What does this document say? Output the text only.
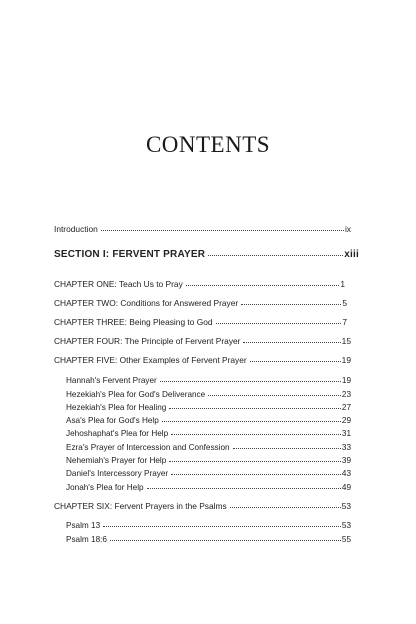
CONTENTS
Introduction	ix
SECTION I: FERVENT PRAYER	xiii
CHAPTER ONE: Teach Us to Pray	1
CHAPTER TWO: Conditions for Answered Prayer	5
CHAPTER THREE: Being Pleasing to God	7
CHAPTER FOUR: The Principle of Fervent Prayer	15
CHAPTER FIVE: Other Examples of Fervent Prayer	19
Hannah's Fervent Prayer	19
Hezekiah's Plea for God's Deliverance	23
Hezekiah's Plea for Healing	27
Asa's Plea for God's Help	29
Jehoshaphat's Plea for Help	31
Ezra's Prayer of Intercession and Confession	33
Nehemiah's Prayer for Help	39
Daniel's Intercessory Prayer	43
Jonah's Plea for Help	49
CHAPTER SIX: Fervent Prayers in the Psalms	53
Psalm 13	53
Psalm 18:6	55
